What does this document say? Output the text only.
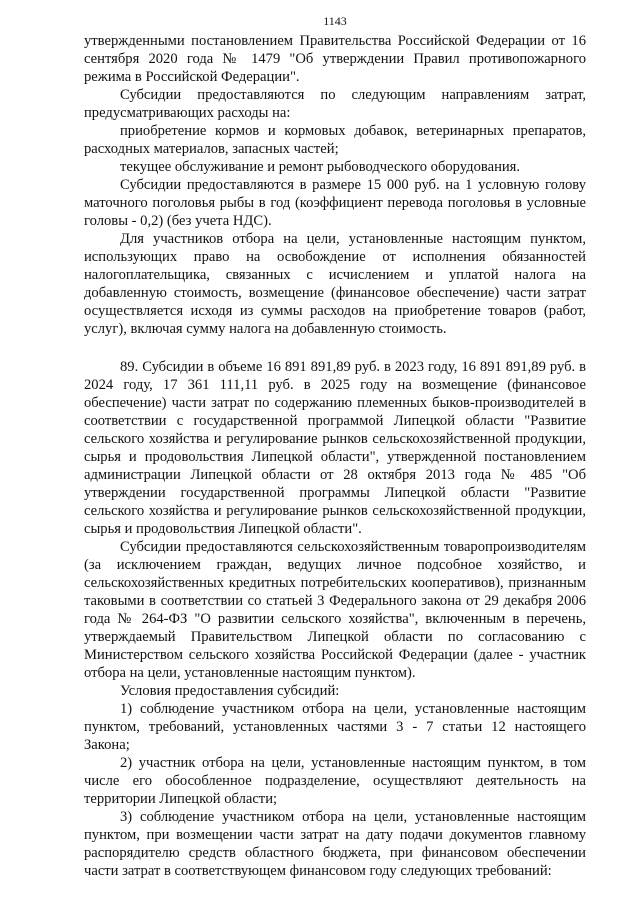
1143

утвержденными постановлением Правительства Российской Федерации от 16 сентября 2020 года № 1479 "Об утверждении Правил противопожарного режима в Российской Федерации".

Субсидии предоставляются по следующим направлениям затрат, предусматривающих расходы на:

приобретение кормов и кормовых добавок, ветеринарных препаратов, расходных материалов, запасных частей;

текущее обслуживание и ремонт рыбоводческого оборудования.

Субсидии предоставляются в размере 15 000 руб. на 1 условную голову маточного поголовья рыбы в год (коэффициент перевода поголовья в условные головы - 0,2) (без учета НДС).

Для участников отбора на цели, установленные настоящим пунктом, использующих право на освобождение от исполнения обязанностей налогоплательщика, связанных с исчислением и уплатой налога на добавленную стоимость, возмещение (финансовое обеспечение) части затрат осуществляется исходя из суммы расходов на приобретение товаров (работ, услуг), включая сумму налога на добавленную стоимость.

89. Субсидии в объеме 16 891 891,89 руб. в 2023 году, 16 891 891,89 руб. в 2024 году, 17 361 111,11 руб. в 2025 году на возмещение (финансовое обеспечение) части затрат по содержанию племенных быков-производителей в соответствии с государственной программой Липецкой области "Развитие сельского хозяйства и регулирование рынков сельскохозяйственной продукции, сырья и продовольствия Липецкой области", утвержденной постановлением администрации Липецкой области от 28 октября 2013 года № 485 "Об утверждении государственной программы Липецкой области "Развитие сельского хозяйства и регулирование рынков сельскохозяйственной продукции, сырья и продовольствия Липецкой области".

Субсидии предоставляются сельскохозяйственным товаропроизводителям (за исключением граждан, ведущих личное подсобное хозяйство, и сельскохозяйственных кредитных потребительских кооперативов), признанным таковыми в соответствии со статьей 3 Федерального закона от 29 декабря 2006 года № 264-ФЗ "О развитии сельского хозяйства", включенным в перечень, утверждаемый Правительством Липецкой области по согласованию с Министерством сельского хозяйства Российской Федерации (далее - участник отбора на цели, установленные настоящим пунктом).

Условия предоставления субсидий:

1) соблюдение участником отбора на цели, установленные настоящим пунктом, требований, установленных частями 3 - 7 статьи 12 настоящего Закона;

2) участник отбора на цели, установленные настоящим пунктом, в том числе его обособленное подразделение, осуществляют деятельность на территории Липецкой области;

3) соблюдение участником отбора на цели, установленные настоящим пунктом, при возмещении части затрат на дату подачи документов главному распорядителю средств областного бюджета, при финансовом обеспечении части затрат в соответствующем финансовом году следующих требований:
